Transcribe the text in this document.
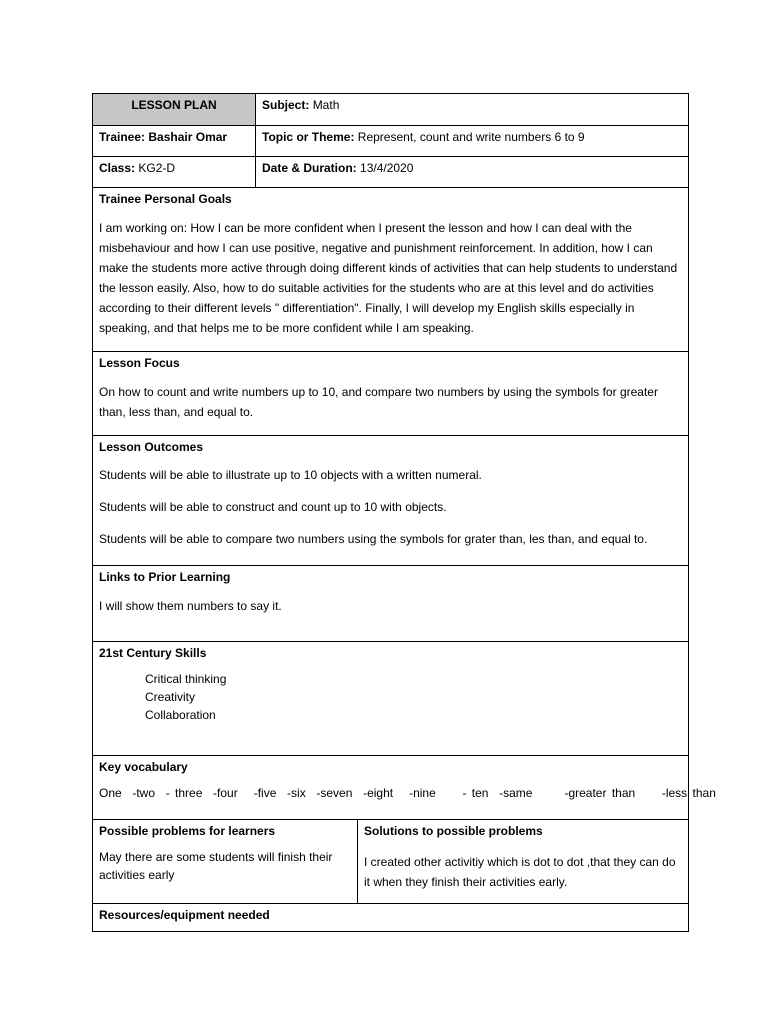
LESSON PLAN	Subject: Math
Trainee: Bashair Omar	Topic or Theme: Represent, count and write numbers 6 to 9
Class: KG2-D	Date & Duration: 13/4/2020
Trainee Personal Goals
I am working on: How I can be more confident when I present the lesson and how I can deal with the misbehaviour and how I can use positive, negative and punishment reinforcement. In addition, how I can make the students more active through doing different kinds of activities that can help students to understand the lesson easily. Also, how to do suitable activities for the students who are at this level and do activities according to their different levels " differentiation". Finally, I will develop my English skills especially in speaking, and that helps me to be more confident while I am speaking.
Lesson Focus
On how to count and write numbers up to 10, and compare two numbers by using the symbols for greater than, less than, and equal to.
Lesson Outcomes
Students will be able to illustrate up to 10 objects with a written numeral.
Students will be able to construct and count up to 10 with objects.
Students will be able to compare two numbers using the symbols for grater than, les than, and equal to.
Links to Prior Learning
I will show them numbers to say it.
21st Century Skills
Critical thinking
Creativity
Collaboration
Key vocabulary
One  -two  - three  -four   -five  -six  -seven  -eight   -nine     - ten  -same      -greater than     -less than
Possible problems for learners
May there are some students will finish their activities early
Solutions to possible problems
I created other activitiy which is dot to dot ,that they can do it when they finish their activities early.
Resources/equipment needed
